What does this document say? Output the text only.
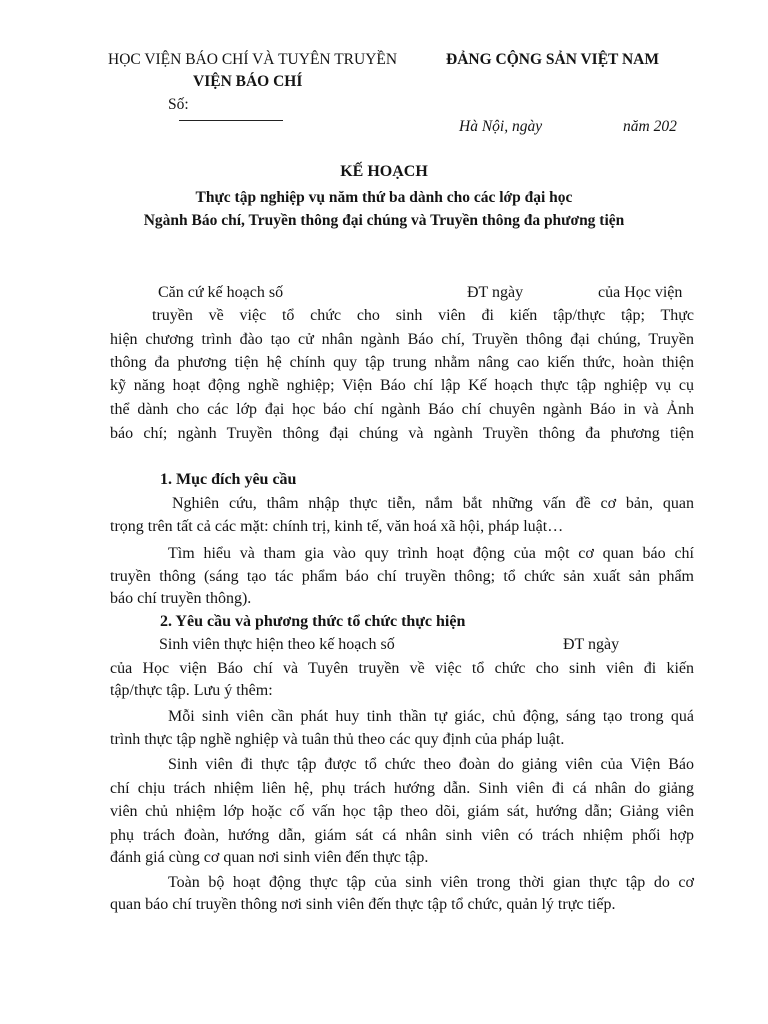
HỌC VIỆN BÁO CHÍ VÀ TUYÊN TRUYỀN	ĐẢNG CỘNG SẢN VIỆT NAM
VIỆN BÁO CHÍ
Số:
Hà Nội, ngày	năm 202
KẾ HOẠCH
Thực tập nghiệp vụ năm thứ ba dành cho các lớp đại học
Ngành Báo chí, Truyền thông đại chúng và Truyền thông đa phương tiện
Căn cứ kế hoạch số	ĐT ngày	của Học viện
truyền về việc tổ chức cho sinh viên đi kiến tập/thực tập; Thực
hiện chương trình đào tạo cử nhân ngành Báo chí, Truyền thông đại chúng, Truyền
thông đa phương tiện hệ chính quy tập trung nhằm nâng cao kiến thức, hoàn thiện
kỹ năng hoạt động nghề nghiệp; Viện Báo chí lập Kế hoạch thực tập nghiệp vụ cụ
thể dành cho các lớp đại học báo chí ngành Báo chí chuyên ngành Báo in và Ảnh
báo chí; ngành Truyền thông đại chúng và ngành Truyền thông đa phương tiện
1. Mục đích yêu cầu
Nghiên cứu, thâm nhập thực tiễn, nắm bắt những vấn đề cơ bản, quan
trọng trên tất cả các mặt: chính trị, kinh tế, văn hoá xã hội, pháp luật…
Tìm hiểu và tham gia vào quy trình hoạt động của một cơ quan báo chí
truyền thông (sáng tạo tác phẩm báo chí truyền thông; tổ chức sản xuất sản phẩm
báo chí truyền thông).
2. Yêu cầu và phương thức tổ chức thực hiện
Sinh viên thực hiện theo kế hoạch số	ĐT ngày
của Học viện Báo chí và Tuyên truyền về việc tổ chức cho sinh viên đi kiến
tập/thực tập. Lưu ý thêm:
Mỗi sinh viên cần phát huy tinh thần tự giác, chủ động, sáng tạo trong quá
trình thực tập nghề nghiệp và tuân thủ theo các quy định của pháp luật.
Sinh viên đi thực tập được tổ chức theo đoàn do giảng viên của Viện Báo
chí chịu trách nhiệm liên hệ, phụ trách hướng dẫn. Sinh viên đi cá nhân do giảng
viên chủ nhiệm lớp hoặc cố vấn học tập theo dõi, giám sát, hướng dẫn; Giảng viên
phụ trách đoàn, hướng dẫn, giám sát cá nhân sinh viên có trách nhiệm phối hợp
đánh giá cùng cơ quan nơi sinh viên đến thực tập.
Toàn bộ hoạt động thực tập của sinh viên trong thời gian thực tập do cơ
quan báo chí truyền thông nơi sinh viên đến thực tập tổ chức, quản lý trực tiếp.
